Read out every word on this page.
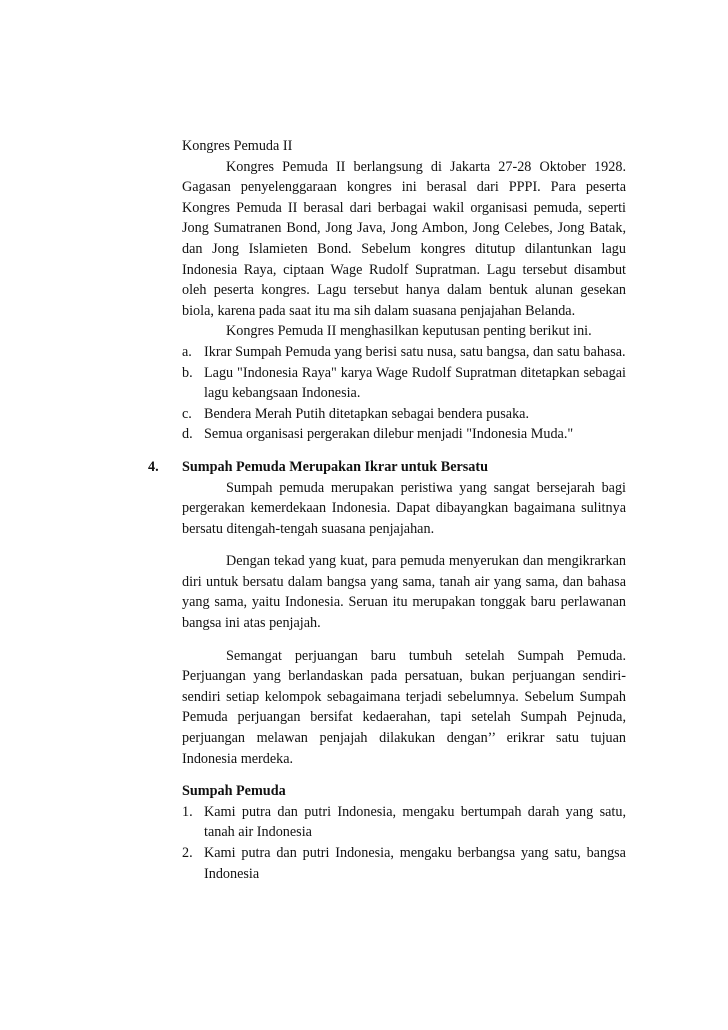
Kongres Pemuda II

Kongres Pemuda II berlangsung di Jakarta 27-28 Oktober 1928. Gagasan penyelenggaraan kongres ini berasal dari PPPI. Para peserta Kongres Pemuda II berasal dari berbagai wakil organisasi pemuda, seperti Jong Sumatranen Bond, Jong Java, Jong Ambon, Jong Celebes, Jong Batak, dan Jong Islamieten Bond. Sebelum kongres ditutup dilantunkan lagu Indonesia Raya, ciptaan Wage Rudolf Supratman. Lagu tersebut disambut oleh peserta kongres. Lagu tersebut hanya dalam bentuk alunan gesekan biola, karena pada saat itu ma sih dalam suasana penjajahan Belanda.

Kongres Pemuda II menghasilkan keputusan penting berikut ini.

a. Ikrar Sumpah Pemuda yang berisi satu nusa, satu bangsa, dan satu bahasa.
b. Lagu "Indonesia Raya" karya Wage Rudolf Supratman ditetapkan sebagai lagu kebangsaan Indonesia.
c. Bendera Merah Putih ditetapkan sebagai bendera pusaka.
d. Semua organisasi pergerakan dilebur menjadi "Indonesia Muda."
4. Sumpah Pemuda Merupakan Ikrar untuk Bersatu

Sumpah pemuda merupakan peristiwa yang sangat bersejarah bagi pergerakan kemerdekaan Indonesia. Dapat dibayangkan bagaimana sulitnya bersatu ditengah-tengah suasana penjajahan.

Dengan tekad yang kuat, para pemuda menyerukan dan mengikrarkan diri untuk bersatu dalam bangsa yang sama, tanah air yang sama, dan bahasa yang sama, yaitu Indonesia. Seruan itu merupakan tonggak baru perlawanan bangsa ini atas penjajah.

Semangat perjuangan baru tumbuh setelah Sumpah Pemuda. Perjuangan yang berlandaskan pada persatuan, bukan perjuangan sendiri-sendiri setiap kelompok sebagaimana terjadi sebelumnya. Sebelum Sumpah Pemuda perjuangan bersifat kedaerahan, tapi setelah Sumpah Pejnuda, perjuangan melawan penjajah dilakukan dengan’’ erikrar satu tujuan Indonesia merdeka.

Sumpah Pemuda

1. Kami putra dan putri Indonesia, mengaku bertumpah darah yang satu, tanah air Indonesia
2. Kami putra dan putri Indonesia, mengaku berbangsa yang satu, bangsa Indonesia
